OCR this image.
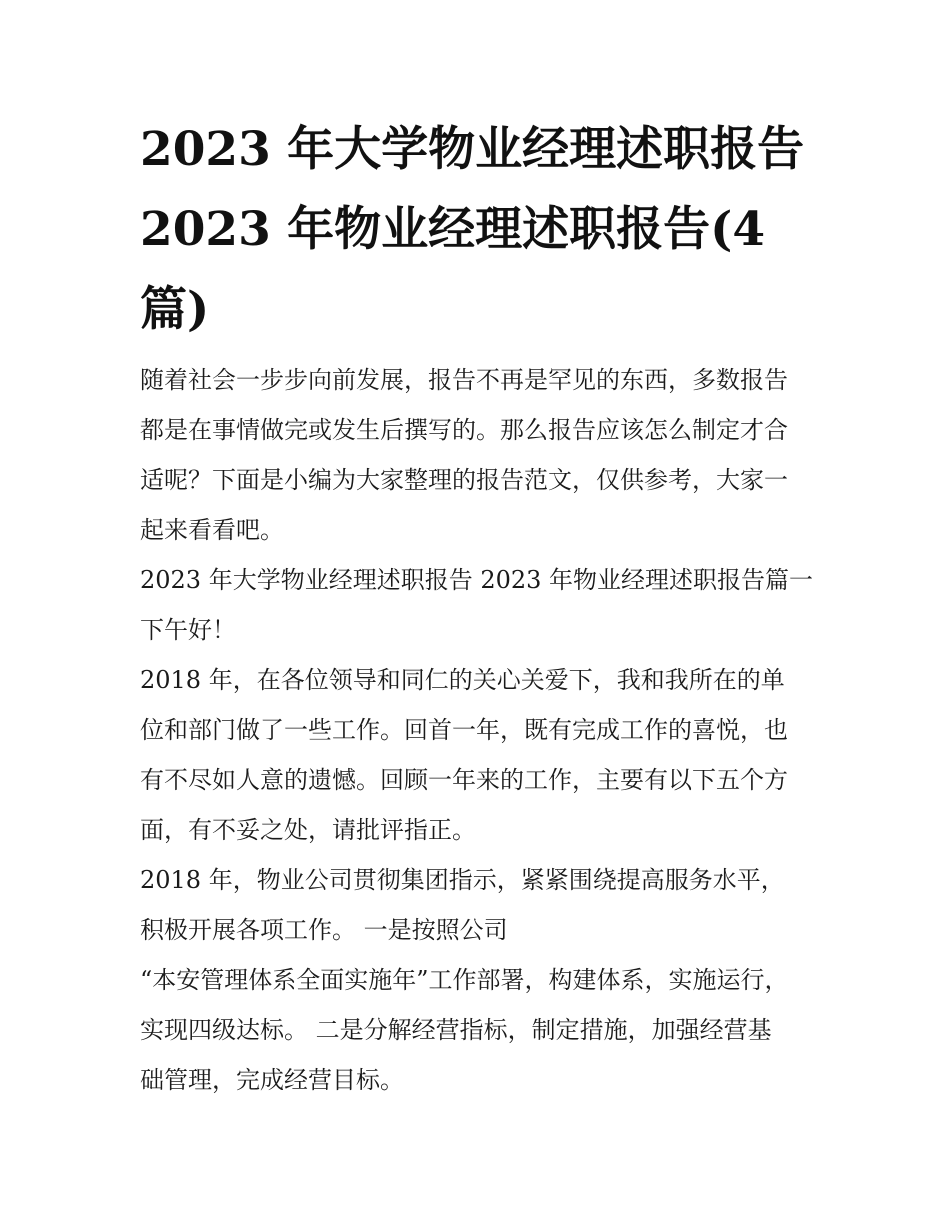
2023 年大学物业经理述职报告
2023 年物业经理述职报告(4
篇)

随着社会一步步向前发展，报告不再是罕见的东西，多数报告
都是在事情做完或发生后撰写的。那么报告应该怎么制定才合
适呢？下面是小编为大家整理的报告范文，仅供参考，大家一
起来看看吧。

2023 年大学物业经理述职报告 2023 年物业经理述职报告篇一

下午好！

2018 年，在各位领导和同仁的关心关爱下，我和我所在的单
位和部门做了一些工作。回首一年，既有完成工作的喜悦，也
有不尽如人意的遗憾。回顾一年来的工作，主要有以下五个方
面，有不妥之处，请批评指正。

2018 年，物业公司贯彻集团指示，紧紧围绕提高服务水平，
积极开展各项工作。 一是按照公司

“本安管理体系全面实施年”工作部署，构建体系，实施运行，
实现四级达标。 二是分解经营指标，制定措施，加强经营基
础管理，完成经营目标。
